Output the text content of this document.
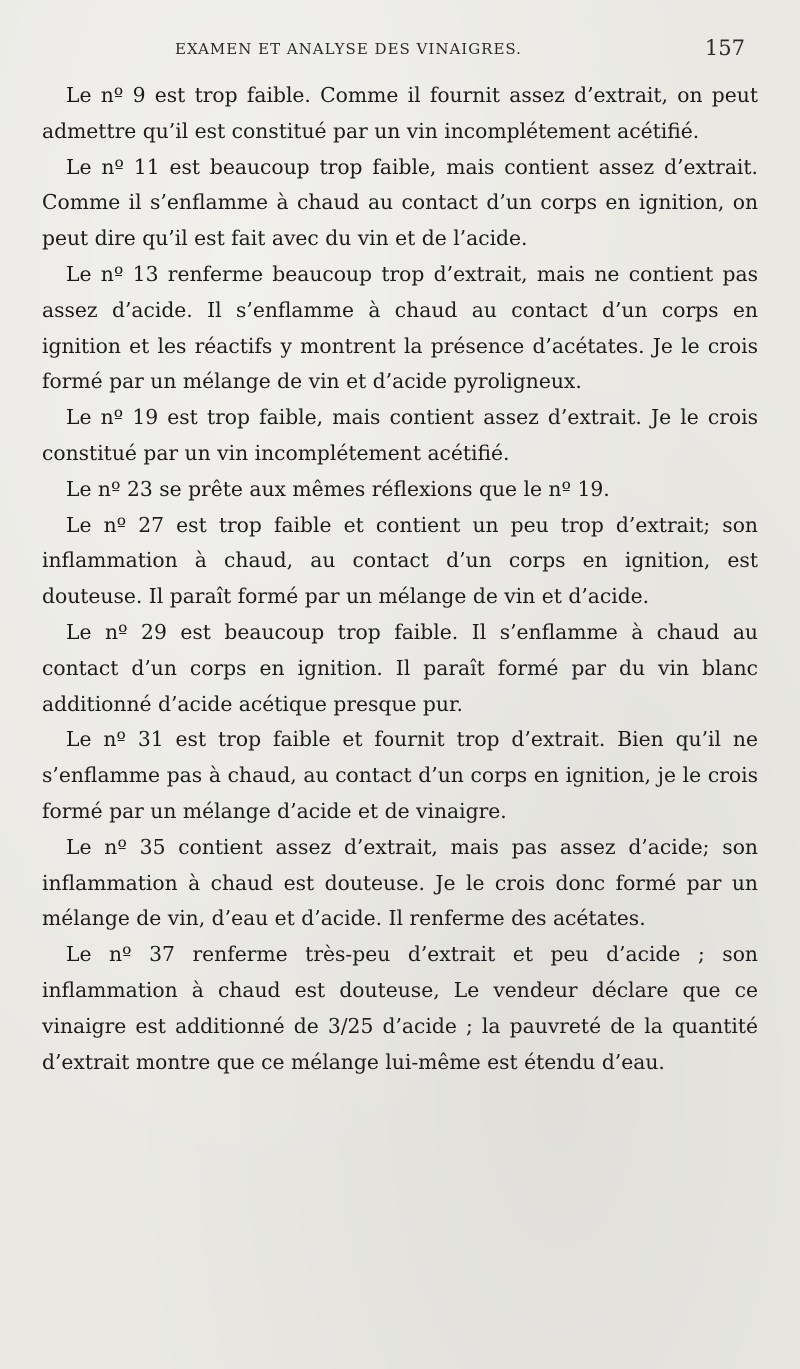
EXAMEN ET ANALYSE DES VINAIGRES.	157

Le nº 9 est trop faible. Comme il fournit assez d’extrait, on peut admettre qu’il est constitué par un vin incomplétement acétifié.

Le nº 11 est beaucoup trop faible, mais contient assez d’extrait. Comme il s’enflamme à chaud au contact d’un corps en ignition, on peut dire qu’il est fait avec du vin et de l’acide.

Le nº 13 renferme beaucoup trop d’extrait, mais ne contient pas assez d’acide. Il s’enflamme à chaud au contact d’un corps en ignition et les réactifs y montrent la présence d’acétates. Je le crois formé par un mélange de vin et d’acide pyroligneux.

Le nº 19 est trop faible, mais contient assez d’extrait. Je le crois constitué par un vin incomplétement acétifié.

Le nº 23 se prête aux mêmes réflexions que le nº 19.

Le nº 27 est trop faible et contient un peu trop d’extrait; son inflammation à chaud, au contact d’un corps en ignition, est douteuse. Il paraît formé par un mélange de vin et d’acide.

Le nº 29 est beaucoup trop faible. Il s’enflamme à chaud au contact d’un corps en ignition. Il paraît formé par du vin blanc additionné d’acide acétique presque pur.

Le nº 31 est trop faible et fournit trop d’extrait. Bien qu’il ne s’enflamme pas à chaud, au contact d’un corps en ignition, je le crois formé par un mélange d’acide et de vinaigre.

Le nº 35 contient assez d’extrait, mais pas assez d’acide; son inflammation à chaud est douteuse. Je le crois donc formé par un mélange de vin, d’eau et d’acide. Il renferme des acétates.

Le nº 37 renferme très-peu d’extrait et peu d’acide ; son inflammation à chaud est douteuse, Le vendeur déclare que ce vinaigre est additionné de 3/25 d’acide ; la pauvreté de la quantité d’extrait montre que ce mélange lui-même est étendu d’eau.
